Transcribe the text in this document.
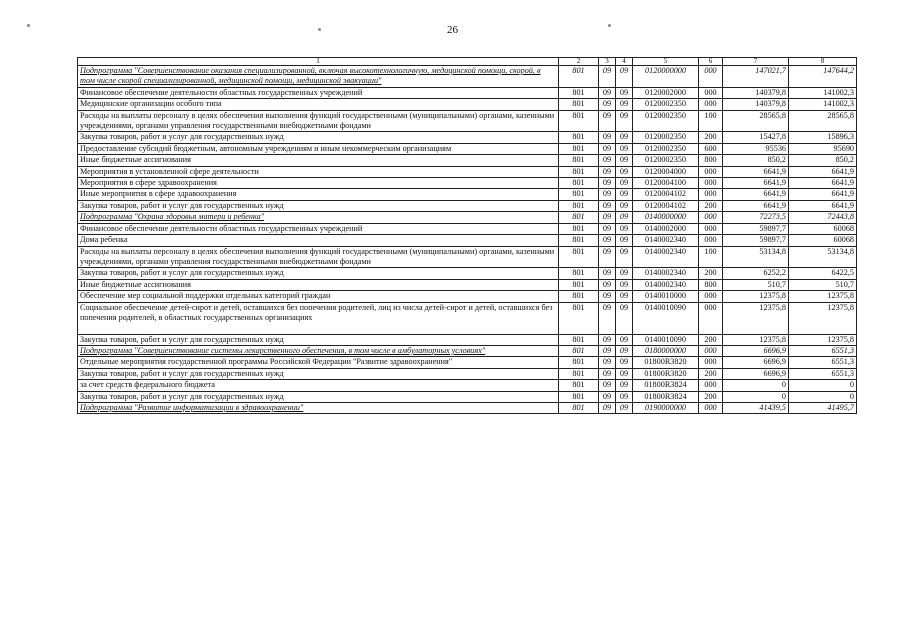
26
1	2	3	4	5	6	7	8
Подпрограмма "Совершенствование оказания специализированной, включая высокотехнологичную, медицинской помощи, скорой, в том числе скорой специализированной, медицинской помощи, медицинской эвакуации"	801	09	09	0120000000	000	147021,7	147644,2
Финансовое обеспечение деятельности областных государственных учреждений	801	09	09	0120002000	000	140379,8	141002,3
Медицинские организации особого типа	801	09	09	0120002350	000	140379,8	141002,3
Расходы на выплаты персоналу в целях обеспечения выполнения функций государственными (муниципальными) органами, казенными учреждениями, органами управления государственными внебюджетными фондами	801	09	09	0120002350	100	28565,8	28565,8
Закупка товаров, работ и услуг для государственных нужд	801	09	09	0120002350	200	15427,8	15896,3
Предоставление субсидий бюджетным, автономным учреждениям и иным некоммерческим организациям	801	09	09	0120002350	600	95536	95690
Иные бюджетные ассигнования	801	09	09	0120002350	800	850,2	850,2
Мероприятия в установленной сфере деятельности	801	09	09	0120004000	000	6641,9	6641,9
Мероприятия в сфере здравоохранения	801	09	09	0120004100	000	6641,9	6641,9
Иные мероприятия в сфере здравоохранения	801	09	09	0120004102	000	6641,9	6641,9
Закупка товаров, работ и услуг для государственных нужд	801	09	09	0120004102	200	6641,9	6641,9
Подпрограмма "Охрана здоровья матери и ребенка"	801	09	09	0140000000	000	72273,5	72443,8
Финансовое обеспечение деятельности областных государственных учреждений	801	09	09	0140002000	000	59897,7	60068
Дома ребенка	801	09	09	0140002340	000	59897,7	60068
Расходы на выплаты персоналу в целях обеспечения выполнения функций государственными (муниципальными) органами, казенными учреждениями, органами управления государственными внебюджетными фондами	801	09	09	0140002340	100	53134,8	53134,8
Закупка товаров, работ и услуг для государственных нужд	801	09	09	0140002340	200	6252,2	6422,5
Иные бюджетные ассигнования	801	09	09	0140002340	800	510,7	510,7
Обеспечение мер социальной поддержки отдельных категорий граждан	801	09	09	0140010000	000	12375,8	12375,8
Социальное обеспечение детей-сирот и детей, оставшихся без попечения родителей, лиц из числа детей-сирот и детей, оставшихся без попечения родителей, в областных государственных организациях	801	09	09	0140010090	000	12375,8	12375,8
Закупка товаров, работ и услуг для государственных нужд	801	09	09	0140010090	200	12375,8	12375,8
Подпрограмма "Совершенствование системы лекарственного обеспечения, в том числе в амбулаторных условиях"	801	09	09	0180000000	000	6696,9	6551,3
Отдельные мероприятия государственной программы Российской Федерации "Развитие здравоохранения"	801	09	09	01800R3820	000	6696,9	6551,3
Закупка товаров, работ и услуг для государственных нужд	801	09	09	01800R3820	200	6696,9	6551,3
за счет средств федерального бюджета	801	09	09	01800R3824	000	0	0
Закупка товаров, работ и услуг для государственных нужд	801	09	09	01800R3824	200	0	0
Подпрограмма "Развитие информатизации в здравоохранении"	801	09	09	0190000000	000	41439,5	41495,7
